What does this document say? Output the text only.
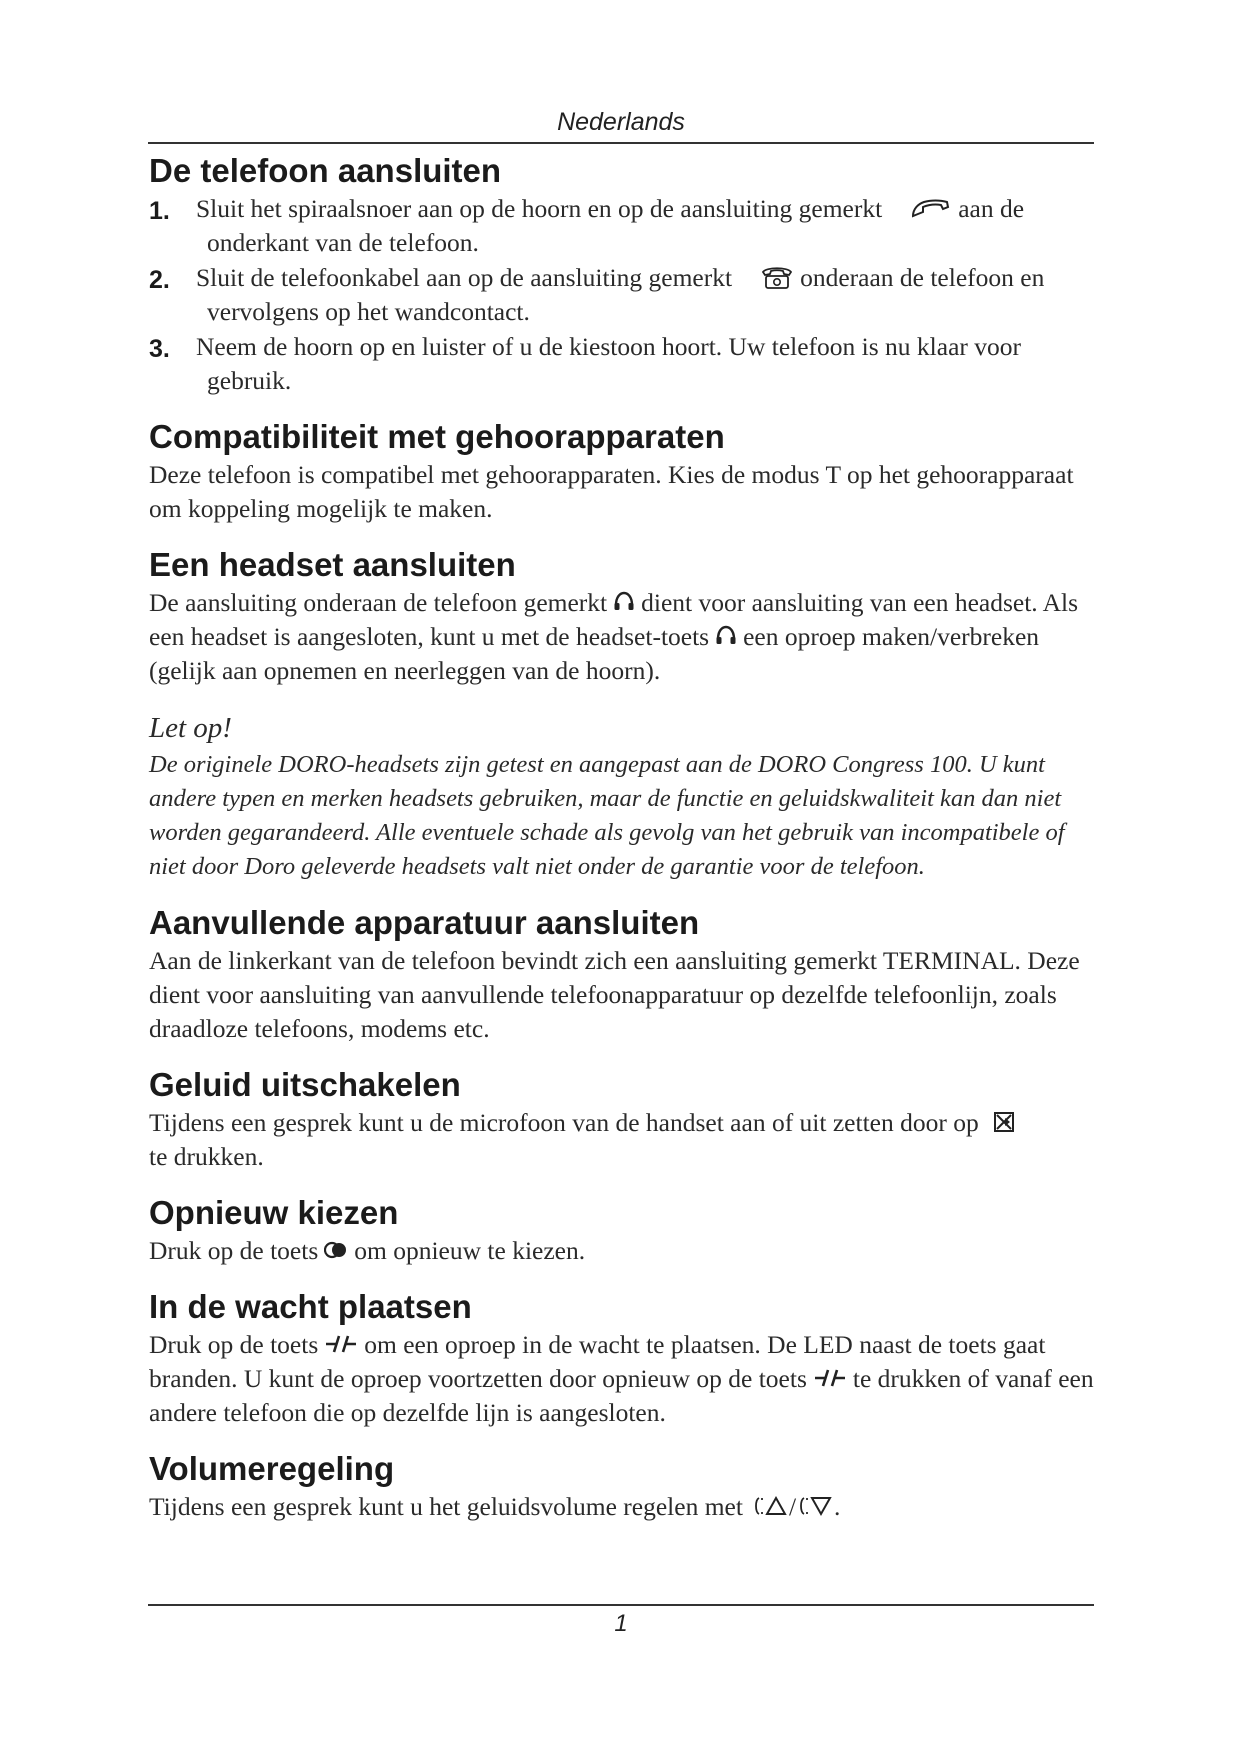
Nederlands
De telefoon aansluiten
1. Sluit het spiraalsnoer aan op de hoorn en op de aansluiting gemerkt	aan de onderkant van de telefoon.
2. Sluit de telefoonkabel aan op de aansluiting gemerkt	onderaan de telefoon en vervolgens op het wandcontact.
3. Neem de hoorn op en luister of u de kiestoon hoort. Uw telefoon is nu klaar voor gebruik.
Compatibiliteit met gehoorapparaten

Deze telefoon is compatibel met gehoorapparaten. Kies de modus T op het gehoorapparaat om koppeling mogelijk te maken.

Een headset aansluiten

De aansluiting onderaan de telefoon gemerkt dient voor aansluiting van een headset. Als een headset is aangesloten, kunt u met de headset-toets een oproep maken/verbreken (gelijk aan opnemen en neerleggen van de hoorn).

Let op!
De originele DORO-headsets zijn getest en aangepast aan de DORO Congress 100. U kunt andere typen en merken headsets gebruiken, maar de functie en geluidskwaliteit kan dan niet worden gegarandeerd. Alle eventuele schade als gevolg van het gebruik van incompatibele of niet door Doro geleverde headsets valt niet onder de garantie voor de telefoon.
Aanvullende apparatuur aansluiten

Aan de linkerkant van de telefoon bevindt zich een aansluiting gemerkt TERMINAL. Deze dient voor aansluiting van aanvullende telefoonapparatuur op dezelfde telefoonlijn, zoals draadloze telefoons, modems etc.

Geluid uitschakelen

Tijdens een gesprek kunt u de microfoon van de handset aan of uit zetten door op

te drukken.

Opnieuw kiezen

Druk op de toets om opnieuw te kiezen.

In de wacht plaatsen

Druk op de toets om een oproep in de wacht te plaatsen. De LED naast de toets gaat branden. U kunt de oproep voortzetten door opnieuw op de toets te drukken of vanaf een andere telefoon die op dezelfde lijn is aangesloten.

Volumeregeling

Tijdens een gesprek kunt u het geluidsvolume regelen met / .

1
